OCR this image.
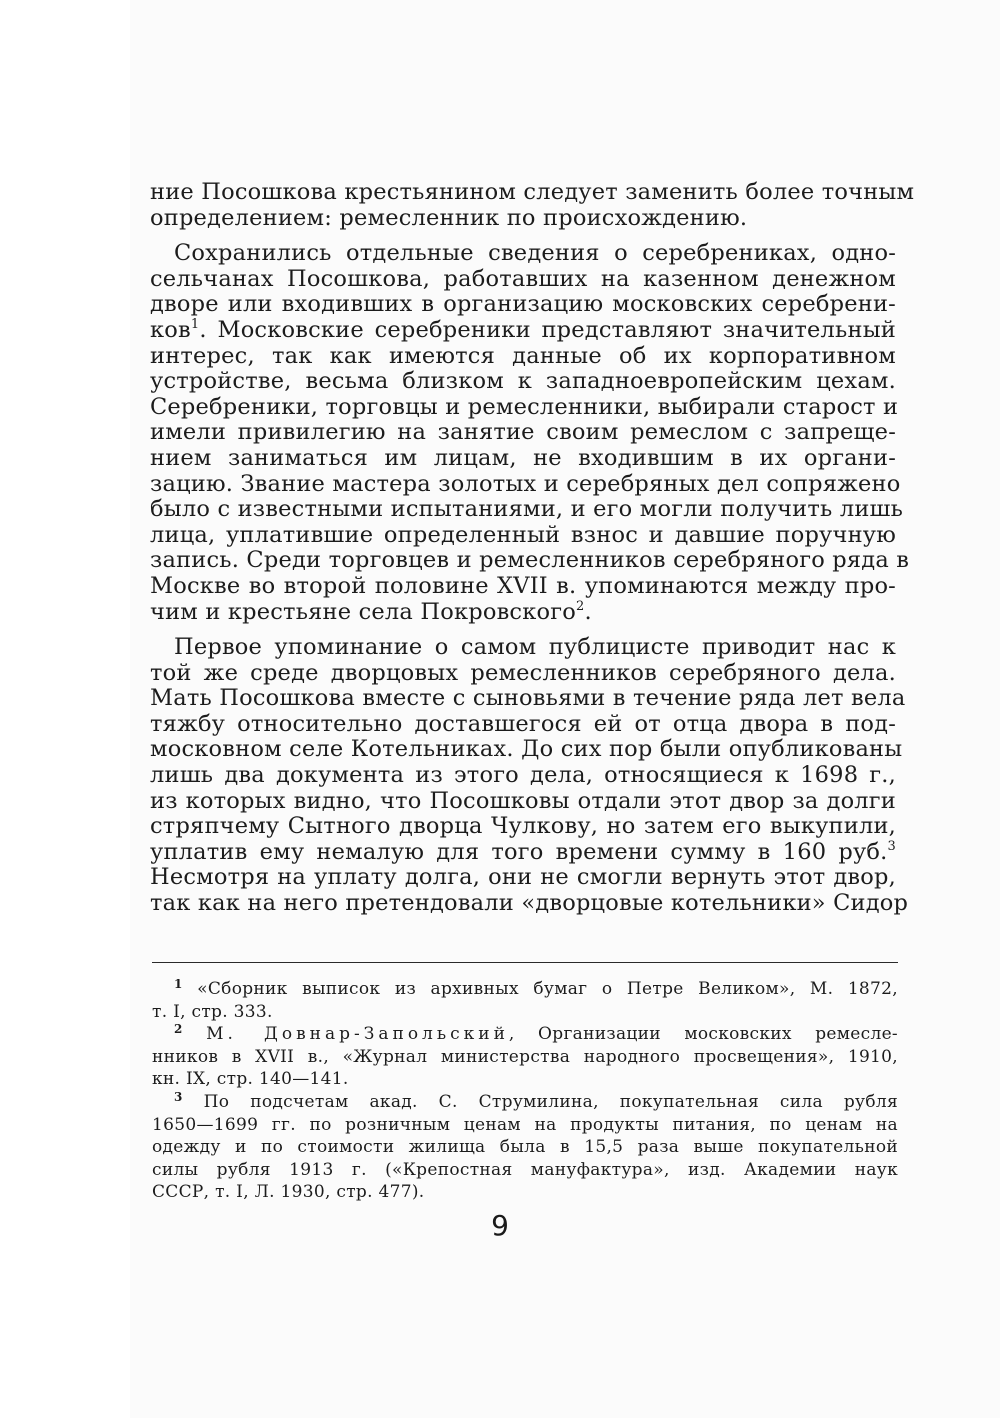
ние Посошкова крестьянином следует заменить более точным
определением: ремесленник по происхождению.
Сохранились отдельные сведения о серебрениках, одно-
сельчанах Посошкова, работавших на казенном денежном
дворе или входивших в организацию московских серебрени-
ков$^1$. Московские серебреники представляют значительный
интерес, так как имеются данные об их корпоративном
устройстве, весьма близком к западноевропейским цехам.
Серебреники, торговцы и ремесленники, выбирали старост и
имели привилегию на занятие своим ремеслом с запреще-
нием заниматься им лицам, не входившим в их органи-
зацию. Звание мастера золотых и серебряных дел сопряжено
было с известными испытаниями, и его могли получить лишь
лица, уплатившие определенный взнос и давшие поручную
запись. Среди торговцев и ремесленников серебряного ряда в
Москве во второй половине XVII в. упоминаются между про-
чим и крестьяне села Покровского$^2$.
Первое упоминание о самом публицисте приводит нас к
той же среде дворцовых ремесленников серебряного дела.
Мать Посошкова вместе с сыновьями в течение ряда лет вела
тяжбу относительно доставшегося ей от отца двора в под-
московном селе Котельниках. До сих пор были опубликованы
лишь два документа из этого дела, относящиеся к 1698 г.,
из которых видно, что Посошковы отдали этот двор за долги
стряпчему Сытного дворца Чулкову, но затем его выкупили,
уплатив ему немалую для того времени сумму в 160 руб.$^3$
Несмотря на уплату долга, они не смогли вернуть этот двор,
так как на него претендовали «дворцовые котельники» Сидор
$^1$ «Сборник выписок из архивных бумаг о Петре Великом», М. 1872,
т. I, стр. 333.
$^2$ М. Довнар-Запольский, Организации московских ремесле-
нников в XVII в., «Журнал министерства народного просвещения», 1910,
кн. IX, стр. 140—141.
$^3$ По подсчетам акад. С. Струмилина, покупательная сила рубля
1650—1699 гг. по розничным ценам на продукты питания, по ценам на
одежду и по стоимости жилища была в 15,5 раза выше покупательной
силы рубля 1913 г. («Крепостная мануфактура», изд. Академии наук
СССР, т. I, Л. 1930, стр. 477).
9
